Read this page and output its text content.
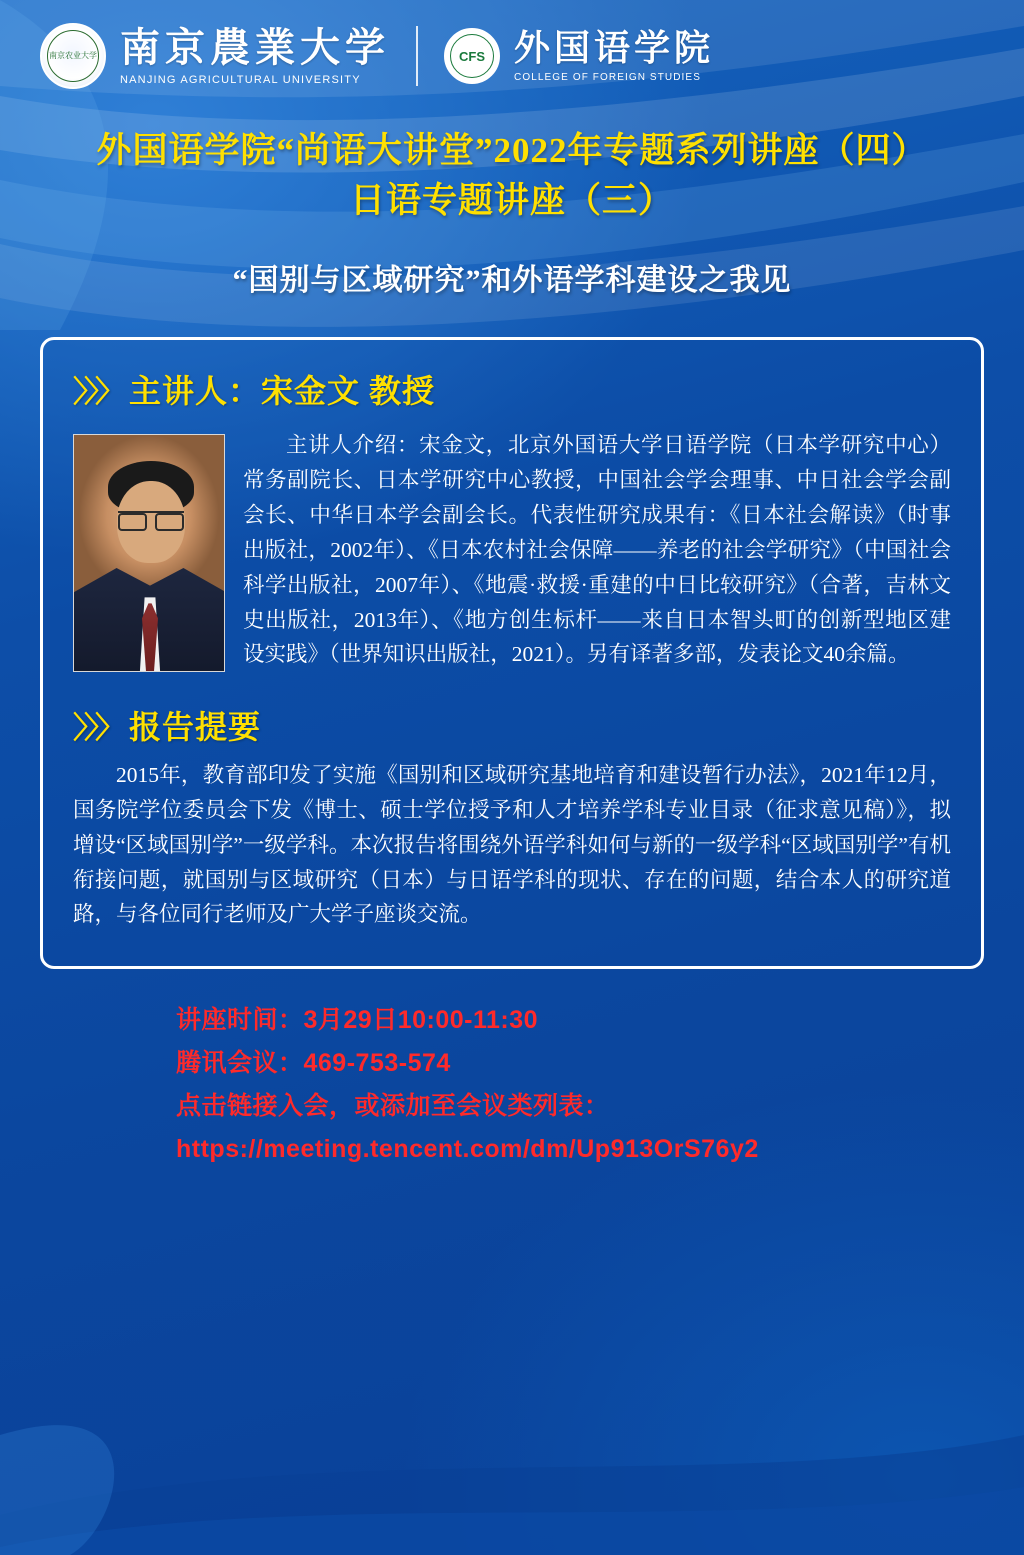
南京农业大学 南京農業大学
NANJING AGRICULTURAL UNIVERSITY
CFS 外国语学院
COLLEGE OF FOREIGN STUDIES
外国语学院“尚语大讲堂”2022年专题系列讲座（四）
日语专题讲座（三）
“国别与区域研究”和外语学科建设之我见
〉〉〉 主讲人：宋金文 教授
主讲人介绍：宋金文，北京外国语大学日语学院（日本学研究中心）常务副院长、日本学研究中心教授，中国社会学会理事、中日社会学会副会长、中华日本学会副会长。代表性研究成果有：《日本社会解读》（时事出版社，2002年）、《日本农村社会保障——养老的社会学研究》（中国社会科学出版社，2007年）、《地震·救援·重建的中日比较研究》（合著，吉林文史出版社，2013年）、《地方创生标杆——来自日本智头町的创新型地区建设实践》（世界知识出版社，2021）。另有译著多部，发表论文40余篇。
〉〉〉 报告提要
2015年，教育部印发了实施《国别和区域研究基地培育和建设暂行办法》，2021年12月，国务院学位委员会下发《博士、硕士学位授予和人才培养学科专业目录（征求意见稿）》，拟增设“区域国别学”一级学科。本次报告将围绕外语学科如何与新的一级学科“区域国别学”有机衔接问题，就国别与区域研究（日本）与日语学科的现状、存在的问题，结合本人的研究道路，与各位同行老师及广大学子座谈交流。
讲座时间：3月29日10:00-11:30
腾讯会议：469-753-574
点击链接入会，或添加至会议类列表：
https://meeting.tencent.com/dm/Up913OrS76y2
